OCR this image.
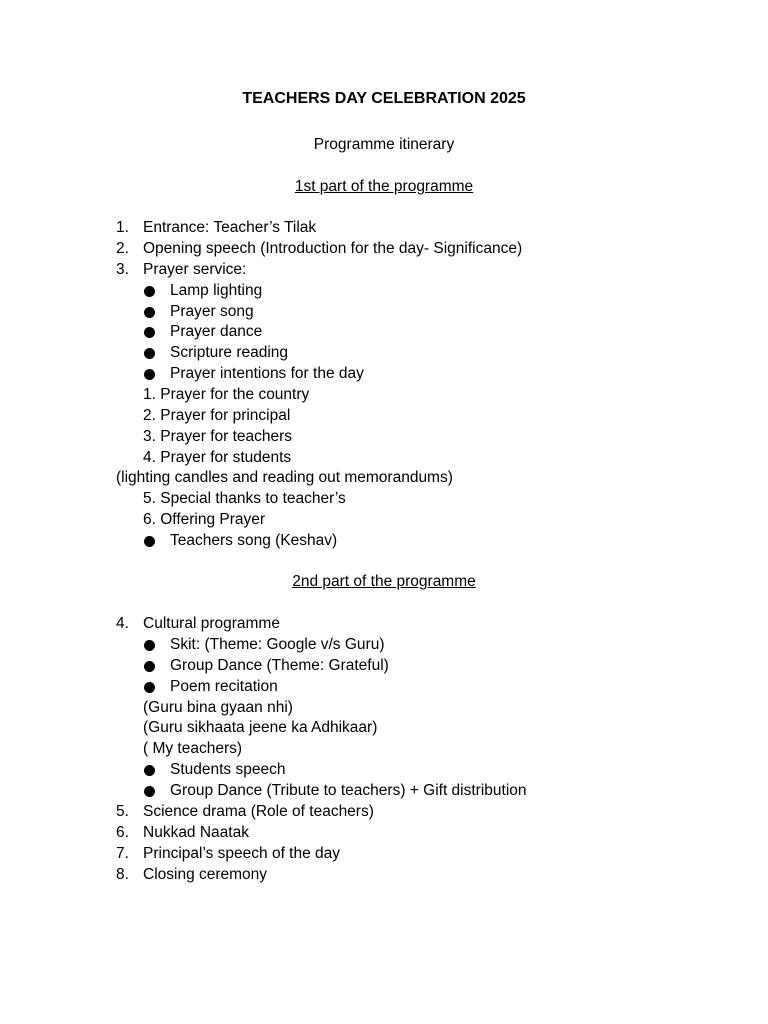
TEACHERS DAY CELEBRATION 2025
Programme itinerary
1st part of the programme
1. Entrance: Teacher’s Tilak
2. Opening speech (Introduction for the day- Significance)
3. Prayer service:
Lamp lighting
Prayer song
Prayer dance
Scripture reading
Prayer intentions for the day
1. Prayer for the country
2. Prayer for principal
3. Prayer for teachers
4. Prayer for students
(lighting candles and reading out memorandums)
5. Special thanks to teacher’s
6. Offering Prayer
Teachers song (Keshav)
2nd part of the programme
4. Cultural programme
Skit: (Theme: Google v/s Guru)
Group Dance (Theme: Grateful)
Poem recitation
(Guru bina gyaan nhi)
(Guru sikhaata jeene ka Adhikaar)
( My teachers)
Students speech
Group Dance (Tribute to teachers) + Gift distribution
5. Science drama (Role of teachers)
6. Nukkad Naatak
7. Principal’s speech of the day
8. Closing ceremony
